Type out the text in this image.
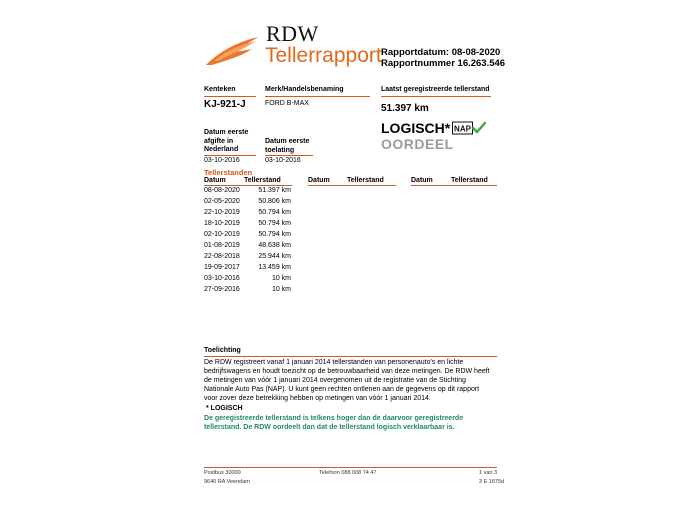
RDW
Tellerrapport Rapportdatum: 08-08-2020
Rapportnummer 16.263.546
Kenteken
KJ-921-J
Merk/Handelsbenaming
FORD B-MAX
Laatst geregistreerde tellerstand
51.397 km
Datum eerste
afgifte in
Nederland
03-10-2016
Datum eerste
toelating
03-10-2016
LOGISCH*
OORDEEL
NAP
Tellerstanden
Datum	Tellerstand	Datum Tellerstand	Datum	Tellerstand
08-08-2020	51.397 km
02-05-2020	50.806 km
22-10-2019	50.794 km
18-10-2019	50.794 km
02-10-2019	50.794 km
01-08-2019	48.638 km
22-08-2018	25.944 km
19-09-2017	13.459 km
03-10-2016	10 km
27-09-2016	10 km
Toelichting
De RDW registreert vanaf 1 januari 2014 tellerstanden van personenauto's en lichte bedrijfswagens en houdt toezicht op de betrouwbaarheid van deze metingen. De RDW heeft de metingen van vóór 1 januari 2014 overgenomen uit de registratie van de Stichting Nationale Auto Pas (NAP). U kunt geen rechten ontlenen aan de gegevens op dit rapport voor zover deze betrekking hebben op metingen van vóór 1 januari 2014.
* LOGISCH
De geregistreerde tellerstand is telkens hoger dan de daarvoor geregistreerde tellerstand. De RDW oordeelt dan dat de tellerstand logisch verklaarbaar is.
Postbus 30000
9640 RA Veendam
Telefoon 088 008 74 47	1 van 3
3 E 1675d
